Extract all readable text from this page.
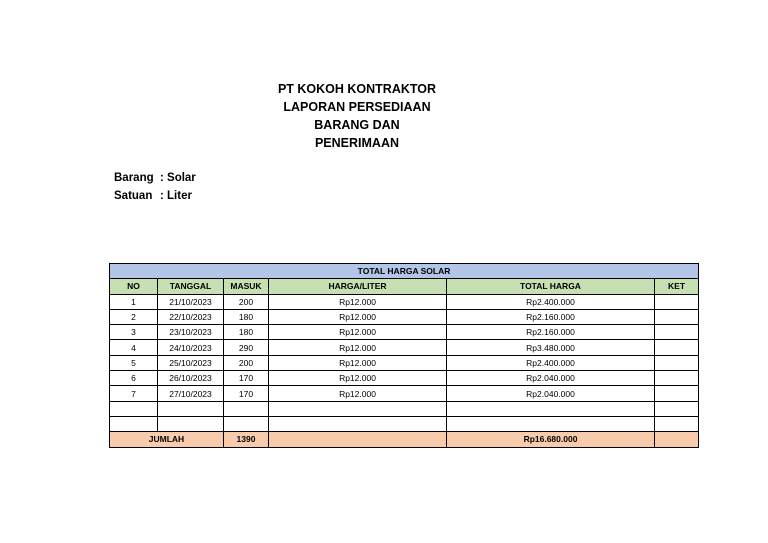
PT KOKOH KONTRAKTOR
LAPORAN PERSEDIAAN
BARANG DAN
PENERIMAAN
Barang : Solar
Satuan : Liter
TOTAL HARGA SOLAR					
NO	TANGGAL	MASUK	HARGA/LITER	TOTAL HARGA	KET
1	21/10/2023	200	Rp12.000	Rp2.400.000	
2	22/10/2023	180	Rp12.000	Rp2.160.000	
3	23/10/2023	180	Rp12.000	Rp2.160.000	
4	24/10/2023	290	Rp12.000	Rp3.480.000	
5	25/10/2023	200	Rp12.000	Rp2.400.000	
6	26/10/2023	170	Rp12.000	Rp2.040.000	
7	27/10/2023	170	Rp12.000	Rp2.040.000	

JUMLAH		1390		Rp16.680.000	
